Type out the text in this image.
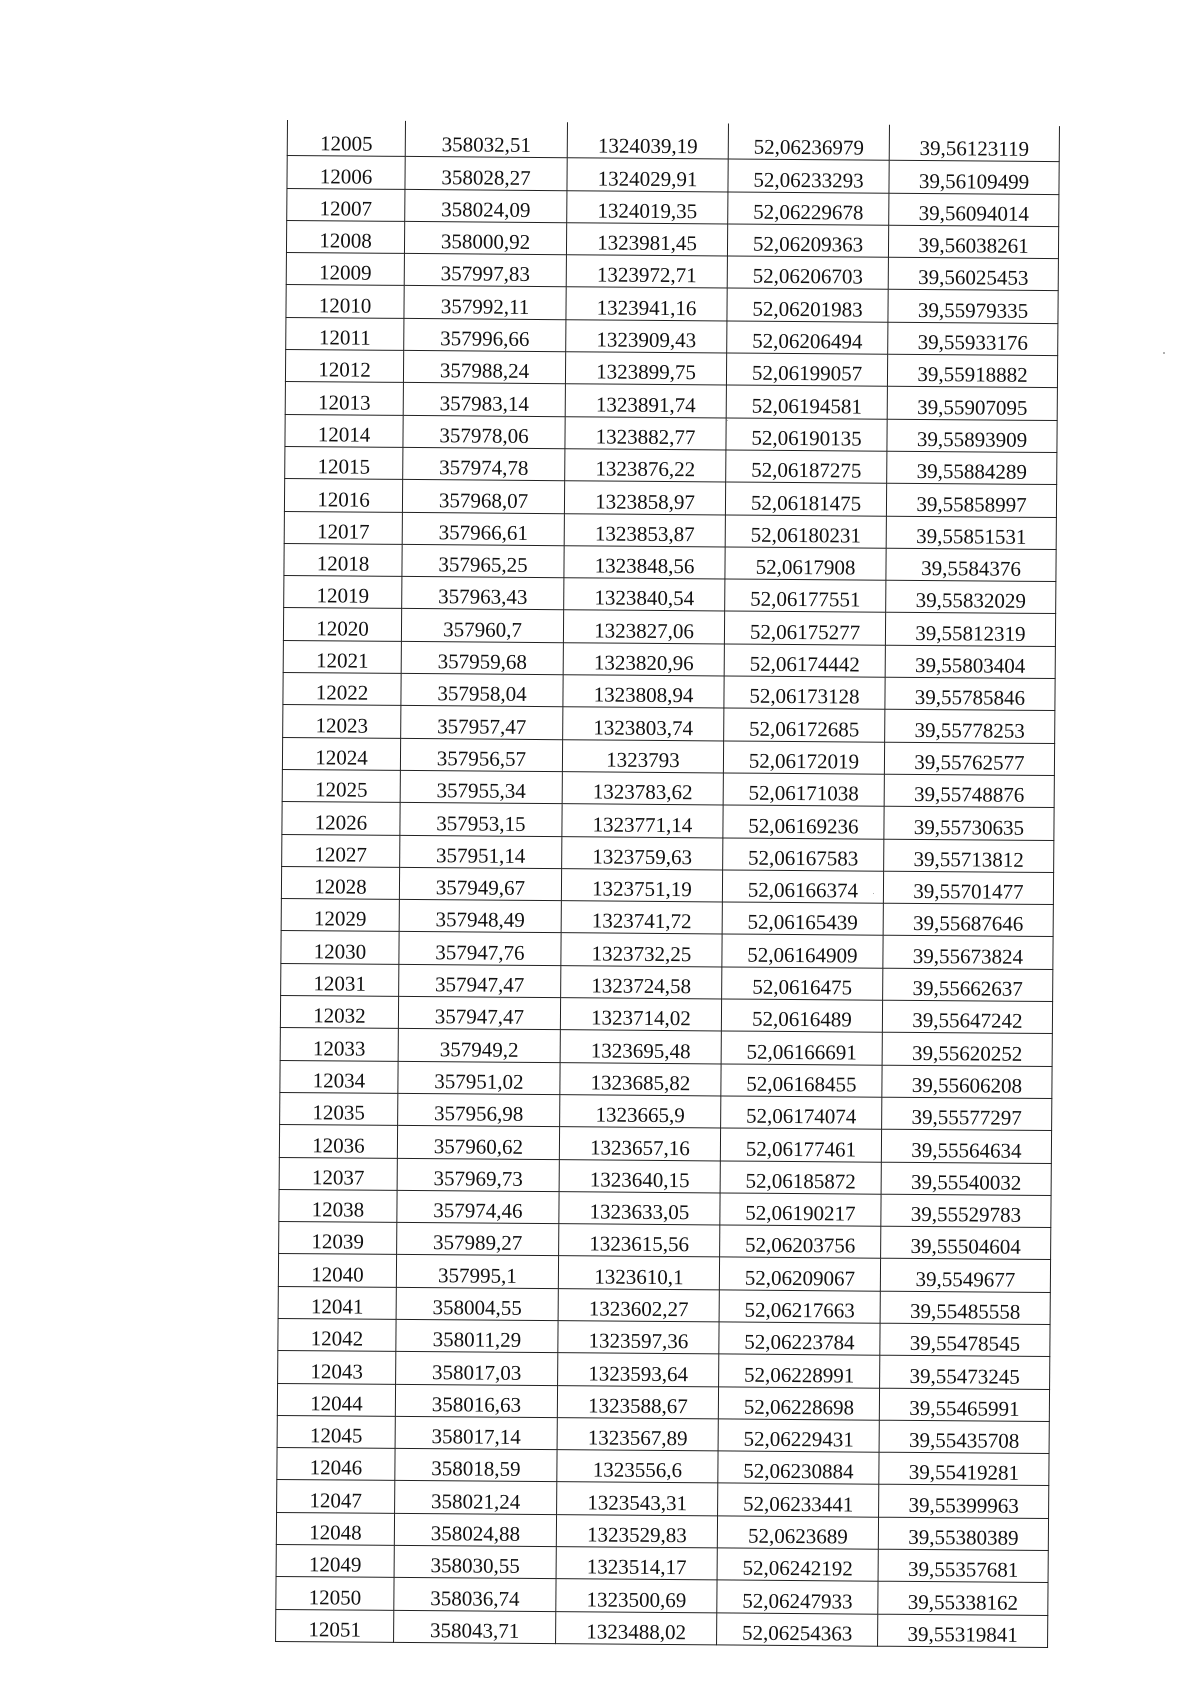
12005	358032,51	1324039,19	52,06236979	39,56123119
12006	358028,27	1324029,91	52,06233293	39,56109499
12007	358024,09	1324019,35	52,06229678	39,56094014
12008	358000,92	1323981,45	52,06209363	39,56038261
12009	357997,83	1323972,71	52,06206703	39,56025453
12010	357992,11	1323941,16	52,06201983	39,55979335
12011	357996,66	1323909,43	52,06206494	39,55933176
12012	357988,24	1323899,75	52,06199057	39,55918882
12013	357983,14	1323891,74	52,06194581	39,55907095
12014	357978,06	1323882,77	52,06190135	39,55893909
12015	357974,78	1323876,22	52,06187275	39,55884289
12016	357968,07	1323858,97	52,06181475	39,55858997
12017	357966,61	1323853,87	52,06180231	39,55851531
12018	357965,25	1323848,56	52,0617908	39,5584376
12019	357963,43	1323840,54	52,06177551	39,55832029
12020	357960,7	1323827,06	52,06175277	39,55812319
12021	357959,68	1323820,96	52,06174442	39,55803404
12022	357958,04	1323808,94	52,06173128	39,55785846
12023	357957,47	1323803,74	52,06172685	39,55778253
12024	357956,57	1323793	52,06172019	39,55762577
12025	357955,34	1323783,62	52,06171038	39,55748876
12026	357953,15	1323771,14	52,06169236	39,55730635
12027	357951,14	1323759,63	52,06167583	39,55713812
12028	357949,67	1323751,19	52,06166374	39,55701477
12029	357948,49	1323741,72	52,06165439	39,55687646
12030	357947,76	1323732,25	52,06164909	39,55673824
12031	357947,47	1323724,58	52,0616475	39,55662637
12032	357947,47	1323714,02	52,0616489	39,55647242
12033	357949,2	1323695,48	52,06166691	39,55620252
12034	357951,02	1323685,82	52,06168455	39,55606208
12035	357956,98	1323665,9	52,06174074	39,55577297
12036	357960,62	1323657,16	52,06177461	39,55564634
12037	357969,73	1323640,15	52,06185872	39,55540032
12038	357974,46	1323633,05	52,06190217	39,55529783
12039	357989,27	1323615,56	52,06203756	39,55504604
12040	357995,1	1323610,1	52,06209067	39,5549677
12041	358004,55	1323602,27	52,06217663	39,55485558
12042	358011,29	1323597,36	52,06223784	39,55478545
12043	358017,03	1323593,64	52,06228991	39,55473245
12044	358016,63	1323588,67	52,06228698	39,55465991
12045	358017,14	1323567,89	52,06229431	39,55435708
12046	358018,59	1323556,6	52,06230884	39,55419281
12047	358021,24	1323543,31	52,06233441	39,55399963
12048	358024,88	1323529,83	52,0623689	39,55380389
12049	358030,55	1323514,17	52,06242192	39,55357681
12050	358036,74	1323500,69	52,06247933	39,55338162
12051	358043,71	1323488,02	52,06254363	39,55319841
